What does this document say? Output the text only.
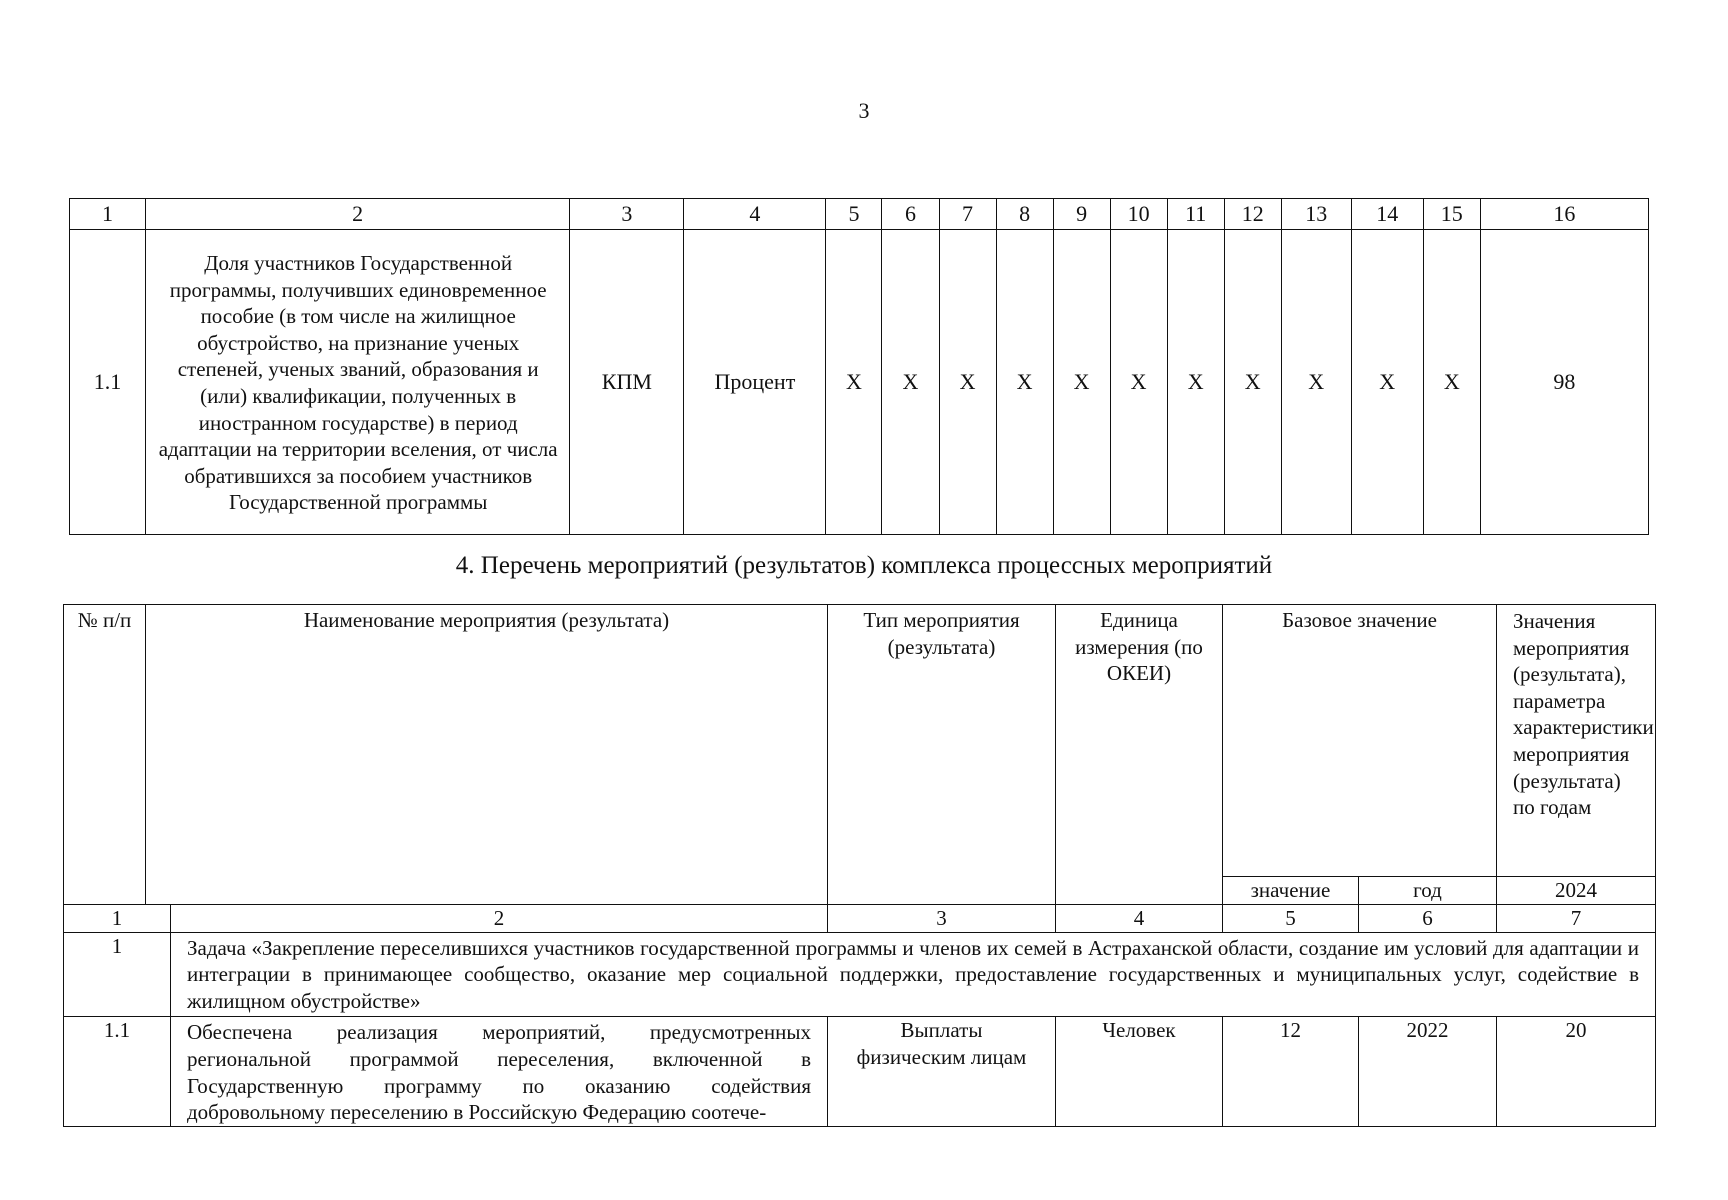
3
1	2	3	4	5	6	7	8	9	10	11	12	13	14	15	16
1.1	Доля участников Государственной программы, получивших единовременное пособие (в том числе на жилищное обустройство, на признание ученых степеней, ученых званий, образования и (или) квалификации, полученных в иностранном государстве) в период адаптации на территории вселения, от числа обратившихся за пособием участников Государственной программы	КПМ	Процент	X	X	X	X	X	X	X	X	X	X	X	98
4. Перечень мероприятий (результатов) комплекса процессных мероприятий
№ п/п	Наименование мероприятия (результата)	Тип мероприятия (результата)	Единица измерения (по ОКЕИ)	Базовое значение		Значения мероприятия (результата), параметра характеристики мероприятия (результата) по годам
				значение	год	2024
1	2	3	4	5	6	7
1	Задача «Закрепление переселившихся участников государственной программы и членов их семей в Астраханской области, создание им условий для адаптации и интеграции в принимающее сообщество, оказание мер социальной поддержки, предоставление государственных и муниципальных услуг, содействие в жилищном обустройстве»					
1.1	Обеспечена реализация мероприятий, предусмотренных региональной программой переселения, включенной в Государственную программу по оказанию содействия добровольному переселению в Российскую Федерацию соотече-	Выплаты физическим лицам	Человек	12	2022	20
